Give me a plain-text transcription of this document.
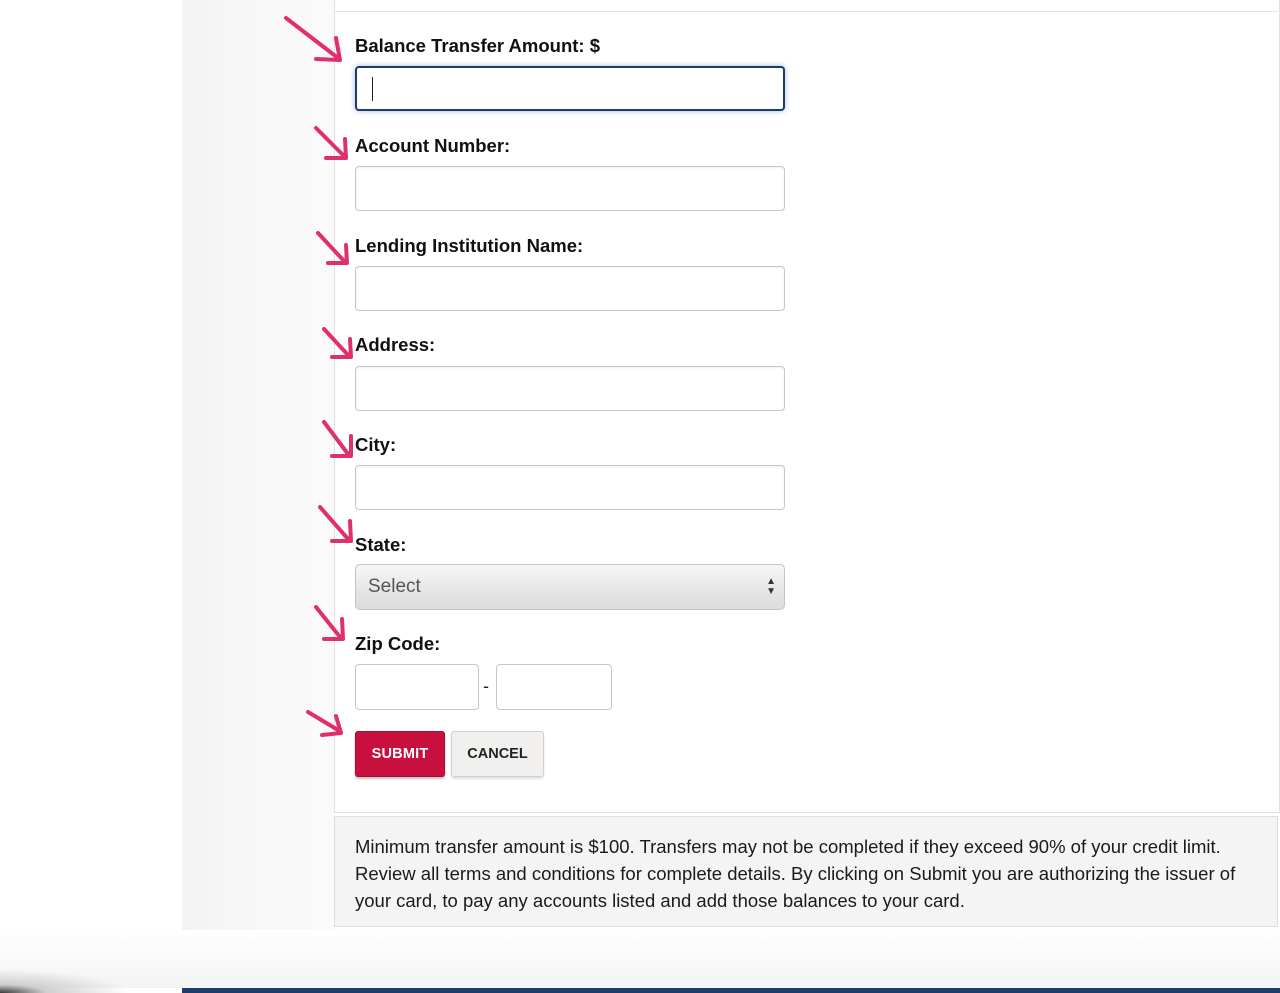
Balance Transfer Amount: $
Account Number:
Lending Institution Name:
Address:
City:
State:
Select	▲
▼
Zip Code:
-
SUBMIT	CANCEL
Minimum transfer amount is $100. Transfers may not be completed if they exceed 90% of your credit limit. Review all terms and conditions for complete details. By clicking on Submit you are authorizing the issuer of your card, to pay any accounts listed and add those balances to your card.
